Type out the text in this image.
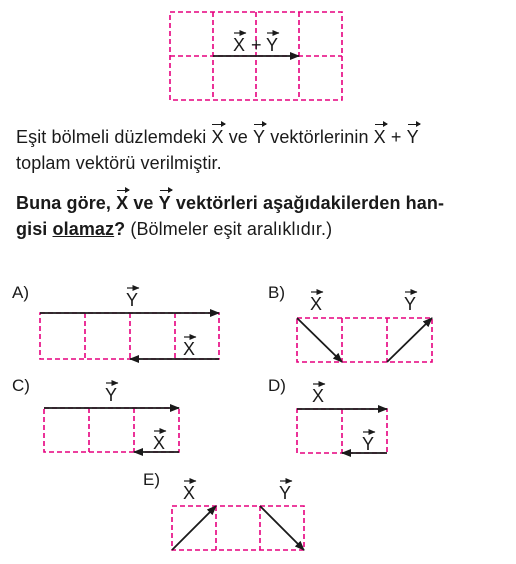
Eşit bölmeli düzlemdeki X ve Y vektörlerinin X + Y

toplam vektörü verilmiştir.

Buna göre, X ve Y vektörleri aşağıdakilerden han-

gisi olamaz? (Bölmeler eşit aralıklıdır.)

A)	B)

C)	D)

E)

X + Y
Y
X
X	Y
Y
X
X
Y
X	Y
